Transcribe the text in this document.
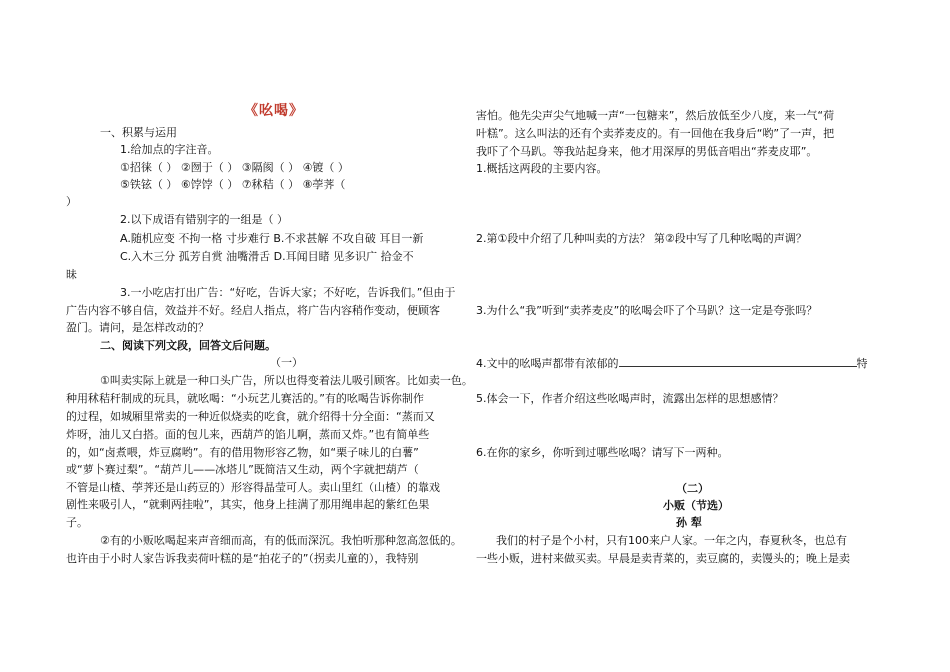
《吆喝》
一、积累与运用
1.给加点的字注音。
①招徕（ ） ②囫于（ ） ③隔阂（ ） ④镀（ ）
⑤铁铉（ ） ⑥饽饽（ ） ⑦秫秸（ ） ⑧荸荠（
）
2.以下成语有错别字的一组是（ ）
A.随机应变 不拘一格 寸步难行 B.不求甚解 不攻自破 耳目一新
C.入木三分 孤芳自赏 油嘴滑舌 D.耳闻目睹 见多识广 拾金不
昧
3.一小吃店打出广告：“好吃，告诉大家；不好吃，告诉我们。”但由于
广告内容不够自信，效益并不好。经启人指点，将广告内容稍作变动，便顾客
盈门。请问，是怎样改动的？
二、阅读下列文段，回答文后问题。
（一）
①叫卖实际上就是一种口头广告，所以也得变着法儿吸引顾客。比如卖一色。
种用秫秸秆制成的玩具，就吆喝：“小玩艺儿赛活的。”有的吆喝告诉你制作
的过程，如城厢里常卖的一种近似烧卖的吃食，就介绍得十分全面：“蒸而又
炸呀，油儿又白搭。面的包儿来，西葫芦的馅儿啊，蒸而又炸。”也有简单些
的，如“卤煮喂，炸豆腐哟”。有的借用物形容乙物，如“栗子味儿的白薯”
或“萝卜赛过梨”。“葫芦儿——冰塔儿”既简洁又生动，两个字就把葫芦（
不管是山楂、荸荠还是山药豆的）形容得晶莹可人。卖山里红（山楂）的靠戏
剧性来吸引人，“就剩两挂啦”，其实，他身上挂满了那用绳串起的紫红色果
子。
②有的小贩吆喝起来声音细而高，有的低而深沉。我怕听那种忽高忽低的。
也许由于小时人家告诉我卖荷叶糕的是“拍花子的”（拐卖儿童的），我特别
害怕。他先尖声尖气地喊一声“一包糖来”，然后放低至少八度，来一气“荷
叶糕”。这么叫法的还有个卖荞麦皮的。有一回他在我身后“哟”了一声，把
我吓了个马趴。等我站起身来，他才用深厚的男低音唱出“荞麦皮耶”。
1.概括这两段的主要内容。
2.第①段中介绍了几种叫卖的方法？ 第②段中写了几种吆喝的声调？
3.为什么“我”听到“卖荞麦皮”的吆喝会吓了个马趴？这一定是夸张吗？
4.文中的吆喝声都带有浓郁的	特
5.体会一下，作者介绍这些吆喝声时，流露出怎样的思想感情？
6.在你的家乡，你听到过哪些吆喝？请写下一两种。
（二）
小贩（节选）
孙 犁
我们的村子是个小村，只有100来户人家。一年之内，春夏秋冬，也总有
一些小贩，进村来做买卖。早晨是卖青菜的，卖豆腐的，卖馒头的；晚上是卖
